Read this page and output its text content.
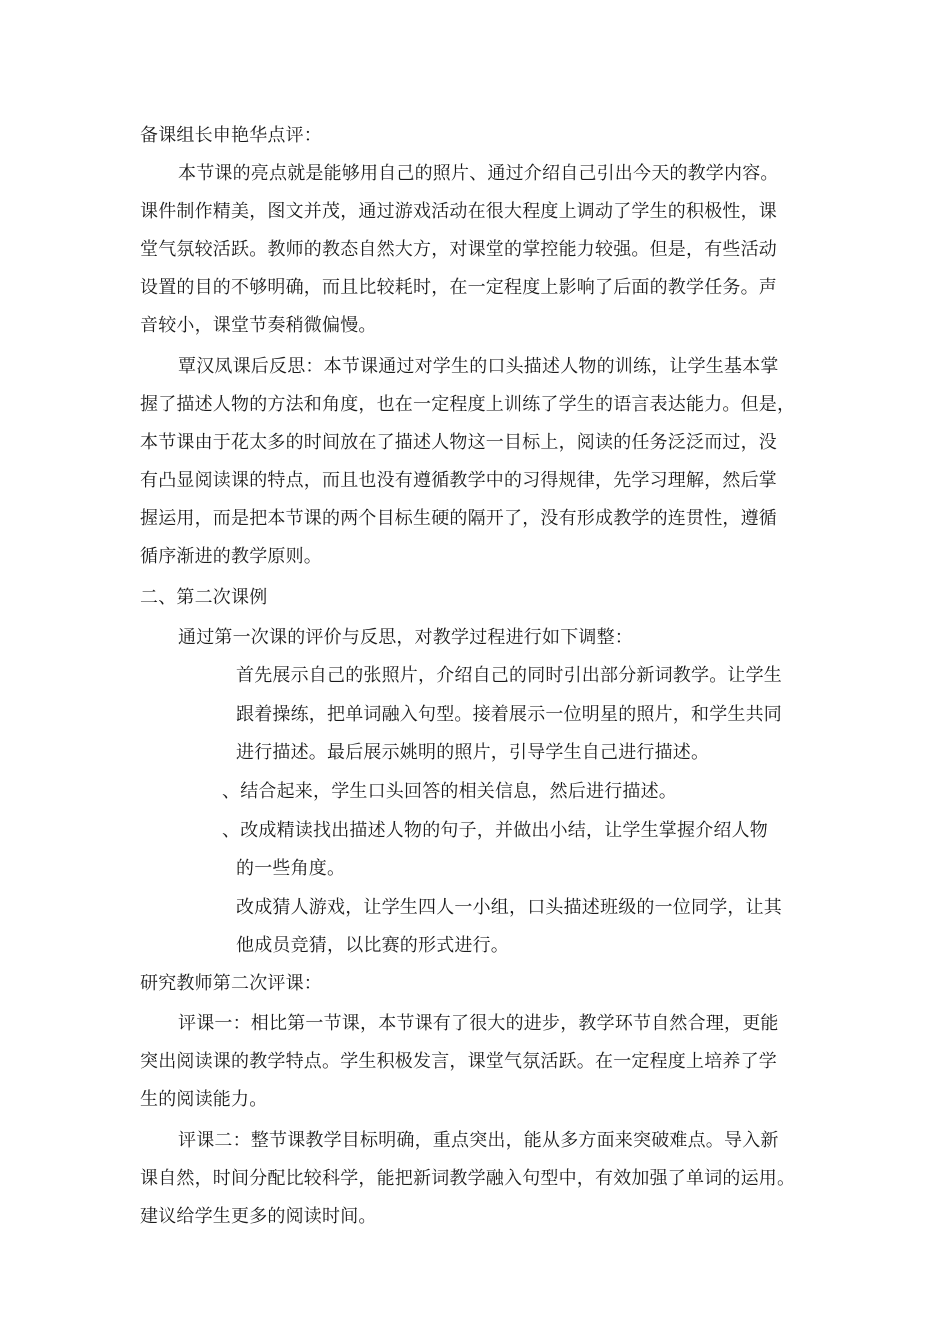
备课组长申艳华点评：
本节课的亮点就是能够用自己的照片、通过介绍自己引出今天的教学内容。
课件制作精美，图文并茂，通过游戏活动在很大程度上调动了学生的积极性，课
堂气氛较活跃。教师的教态自然大方，对课堂的掌控能力较强。但是，有些活动
设置的目的不够明确，而且比较耗时，在一定程度上影响了后面的教学任务。声
音较小，课堂节奏稍微偏慢。
覃汉凤课后反思：本节课通过对学生的口头描述人物的训练，让学生基本掌
握了描述人物的方法和角度，也在一定程度上训练了学生的语言表达能力。但是，
本节课由于花太多的时间放在了描述人物这一目标上，阅读的任务泛泛而过，没
有凸显阅读课的特点，而且也没有遵循教学中的习得规律，先学习理解，然后掌
握运用，而是把本节课的两个目标生硬的隔开了，没有形成教学的连贯性，遵循
循序渐进的教学原则。
二、第二次课例
通过第一次课的评价与反思，对教学过程进行如下调整：
首先展示自己的张照片，介绍自己的同时引出部分新词教学。让学生
跟着操练，把单词融入句型。接着展示一位明星的照片，和学生共同
进行描述。最后展示姚明的照片，引导学生自己进行描述。
、结合起来，学生口头回答的相关信息，然后进行描述。
、改成精读找出描述人物的句子，并做出小结，让学生掌握介绍人物
的一些角度。
改成猜人游戏，让学生四人一小组，口头描述班级的一位同学，让其
他成员竞猜，以比赛的形式进行。
研究教师第二次评课：
评课一：相比第一节课，本节课有了很大的进步，教学环节自然合理，更能
突出阅读课的教学特点。学生积极发言，课堂气氛活跃。在一定程度上培养了学
生的阅读能力。
评课二：整节课教学目标明确，重点突出，能从多方面来突破难点。导入新
课自然，时间分配比较科学，能把新词教学融入句型中，有效加强了单词的运用。
建议给学生更多的阅读时间。
